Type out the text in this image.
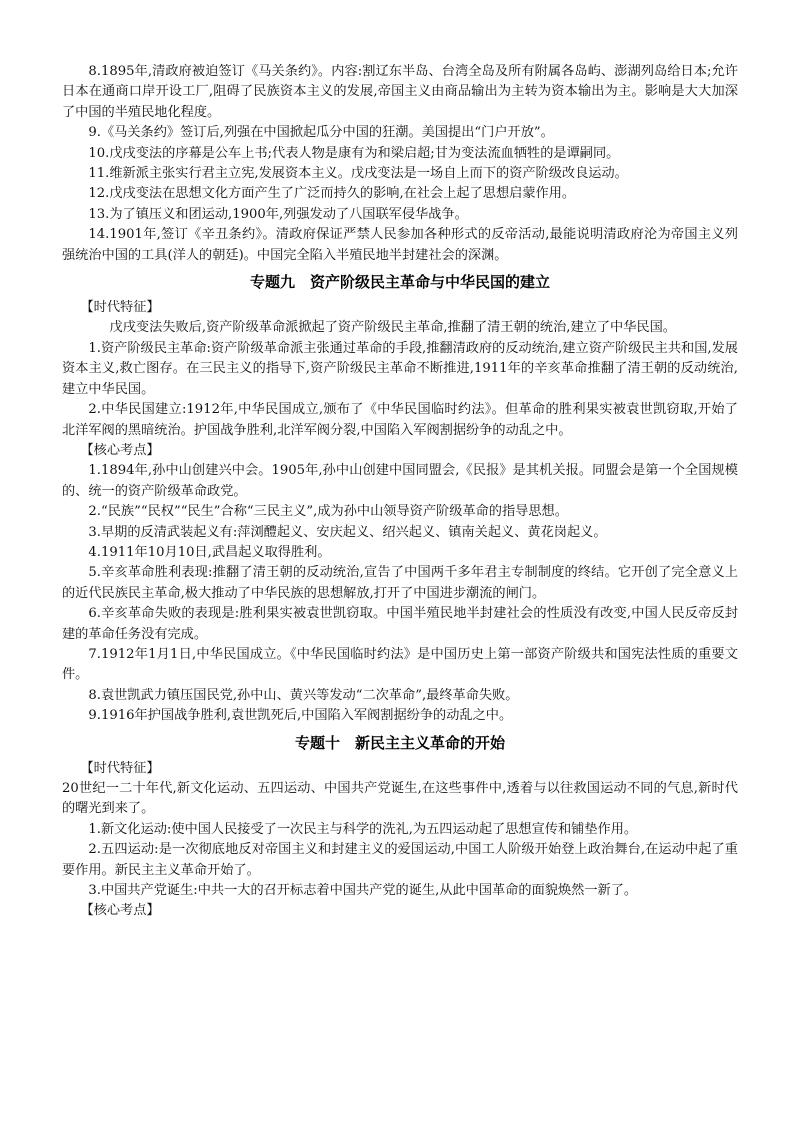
8.1895年,清政府被迫签订《马关条约》。内容:割辽东半岛、台湾全岛及所有附属各岛屿、澎湖列岛给日本;允许日本在通商口岸开设工厂,阻碍了民族资本主义的发展,帝国主义由商品输出为主转为资本输出为主。影响是大大加深了中国的半殖民地化程度。

9.《马关条约》签订后,列强在中国掀起瓜分中国的狂潮。美国提出“门户开放”。

10.戊戌变法的序幕是公车上书;代表人物是康有为和梁启超;甘为变法流血牺牲的是谭嗣同。

11.维新派主张实行君主立宪,发展资本主义。戊戌变法是一场自上而下的资产阶级改良运动。

12.戊戌变法在思想文化方面产生了广泛而持久的影响,在社会上起了思想启蒙作用。

13.为了镇压义和团运动,1900年,列强发动了八国联军侵华战争。

14.1901年,签订《辛丑条约》。清政府保证严禁人民参加各种形式的反帝活动,最能说明清政府沦为帝国主义列强统治中国的工具(洋人的朝廷)。中国完全陷入半殖民地半封建社会的深渊。

专题九　资产阶级民主革命与中华民国的建立

【时代特征】

戊戌变法失败后,资产阶级革命派掀起了资产阶级民主革命,推翻了清王朝的统治,建立了中华民国。

1.资产阶级民主革命:资产阶级革命派主张通过革命的手段,推翻清政府的反动统治,建立资产阶级民主共和国,发展资本主义,救亡图存。在三民主义的指导下,资产阶级民主革命不断推进,1911年的辛亥革命推翻了清王朝的反动统治,建立中华民国。

2.中华民国建立:1912年,中华民国成立,颁布了《中华民国临时约法》。但革命的胜利果实被袁世凯窃取,开始了北洋军阀的黑暗统治。护国战争胜利,北洋军阀分裂,中国陷入军阀割据纷争的动乱之中。

【核心考点】

1.1894年,孙中山创建兴中会。1905年,孙中山创建中国同盟会,《民报》是其机关报。同盟会是第一个全国规模的、统一的资产阶级革命政党。

2.“民族”“民权”“民生”合称“三民主义”,成为孙中山领导资产阶级革命的指导思想。

3.早期的反清武装起义有:萍浏醴起义、安庆起义、绍兴起义、镇南关起义、黄花岗起义。

4.1911年10月10日,武昌起义取得胜利。

5.辛亥革命胜利表现:推翻了清王朝的反动统治,宣告了中国两千多年君主专制制度的终结。它开创了完全意义上的近代民族民主革命,极大推动了中华民族的思想解放,打开了中国进步潮流的闸门。

6.辛亥革命失败的表现是:胜利果实被袁世凯窃取。中国半殖民地半封建社会的性质没有改变,中国人民反帝反封建的革命任务没有完成。

7.1912年1月1日,中华民国成立。《中华民国临时约法》是中国历史上第一部资产阶级共和国宪法性质的重要文件。

8.袁世凯武力镇压国民党,孙中山、黄兴等发动“二次革命”,最终革命失败。

9.1916年护国战争胜利,袁世凯死后,中国陷入军阀割据纷争的动乱之中。

专题十　新民主主义革命的开始

【时代特征】

20世纪一二十年代,新文化运动、五四运动、中国共产党诞生,在这些事件中,透着与以往救国运动不同的气息,新时代的曙光到来了。

1.新文化运动:使中国人民接受了一次民主与科学的洗礼,为五四运动起了思想宣传和铺垫作用。

2.五四运动:是一次彻底地反对帝国主义和封建主义的爱国运动,中国工人阶级开始登上政治舞台,在运动中起了重要作用。新民主主义革命开始了。

3.中国共产党诞生:中共一大的召开标志着中国共产党的诞生,从此中国革命的面貌焕然一新了。

【核心考点】
